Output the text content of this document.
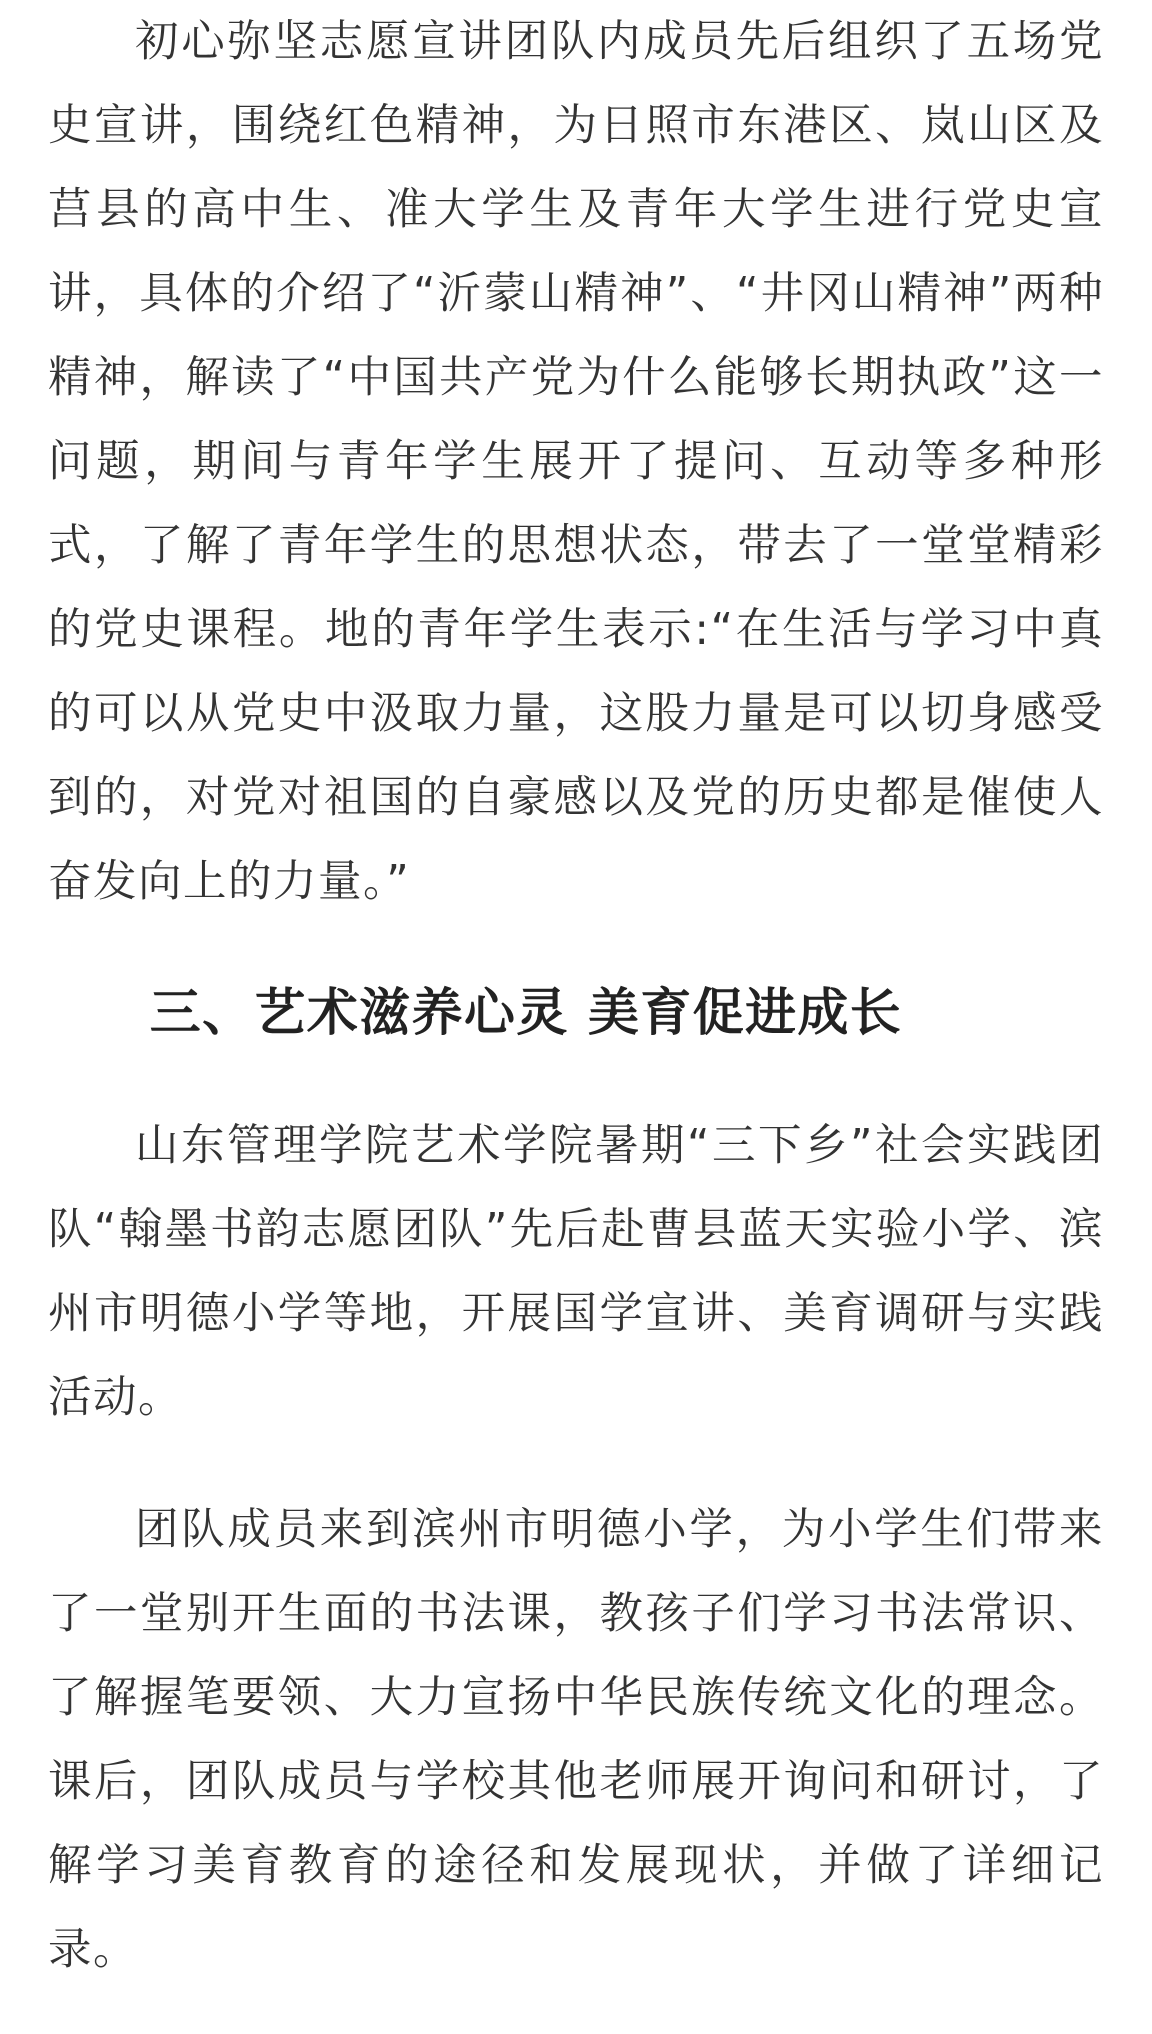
初心弥坚志愿宣讲团队内成员先后组织了五场党史宣讲，围绕红色精神，为日照市东港区、岚山区及莒县的高中生、准大学生及青年大学生进行党史宣讲，具体的介绍了“沂蒙山精神”、“井冈山精神”两种精神，解读了“中国共产党为什么能够长期执政”这一问题，期间与青年学生展开了提问、互动等多种形式，了解了青年学生的思想状态，带去了一堂堂精彩的党史课程。地的青年学生表示:“在生活与学习中真的可以从党史中汲取力量，这股力量是可以切身感受到的，对党对祖国的自豪感以及党的历史都是催使人奋发向上的力量。”

三、艺术滋养心灵 美育促进成长

山东管理学院艺术学院暑期“三下乡”社会实践团队“翰墨书韵志愿团队”先后赴曹县蓝天实验小学、滨州市明德小学等地，开展国学宣讲、美育调研与实践活动。

团队成员来到滨州市明德小学，为小学生们带来了一堂别开生面的书法课，教孩子们学习书法常识、了解握笔要领、大力宣扬中华民族传统文化的理念。课后，团队成员与学校其他老师展开询问和研讨，了解学习美育教育的途径和发展现状，并做了详细记录。
